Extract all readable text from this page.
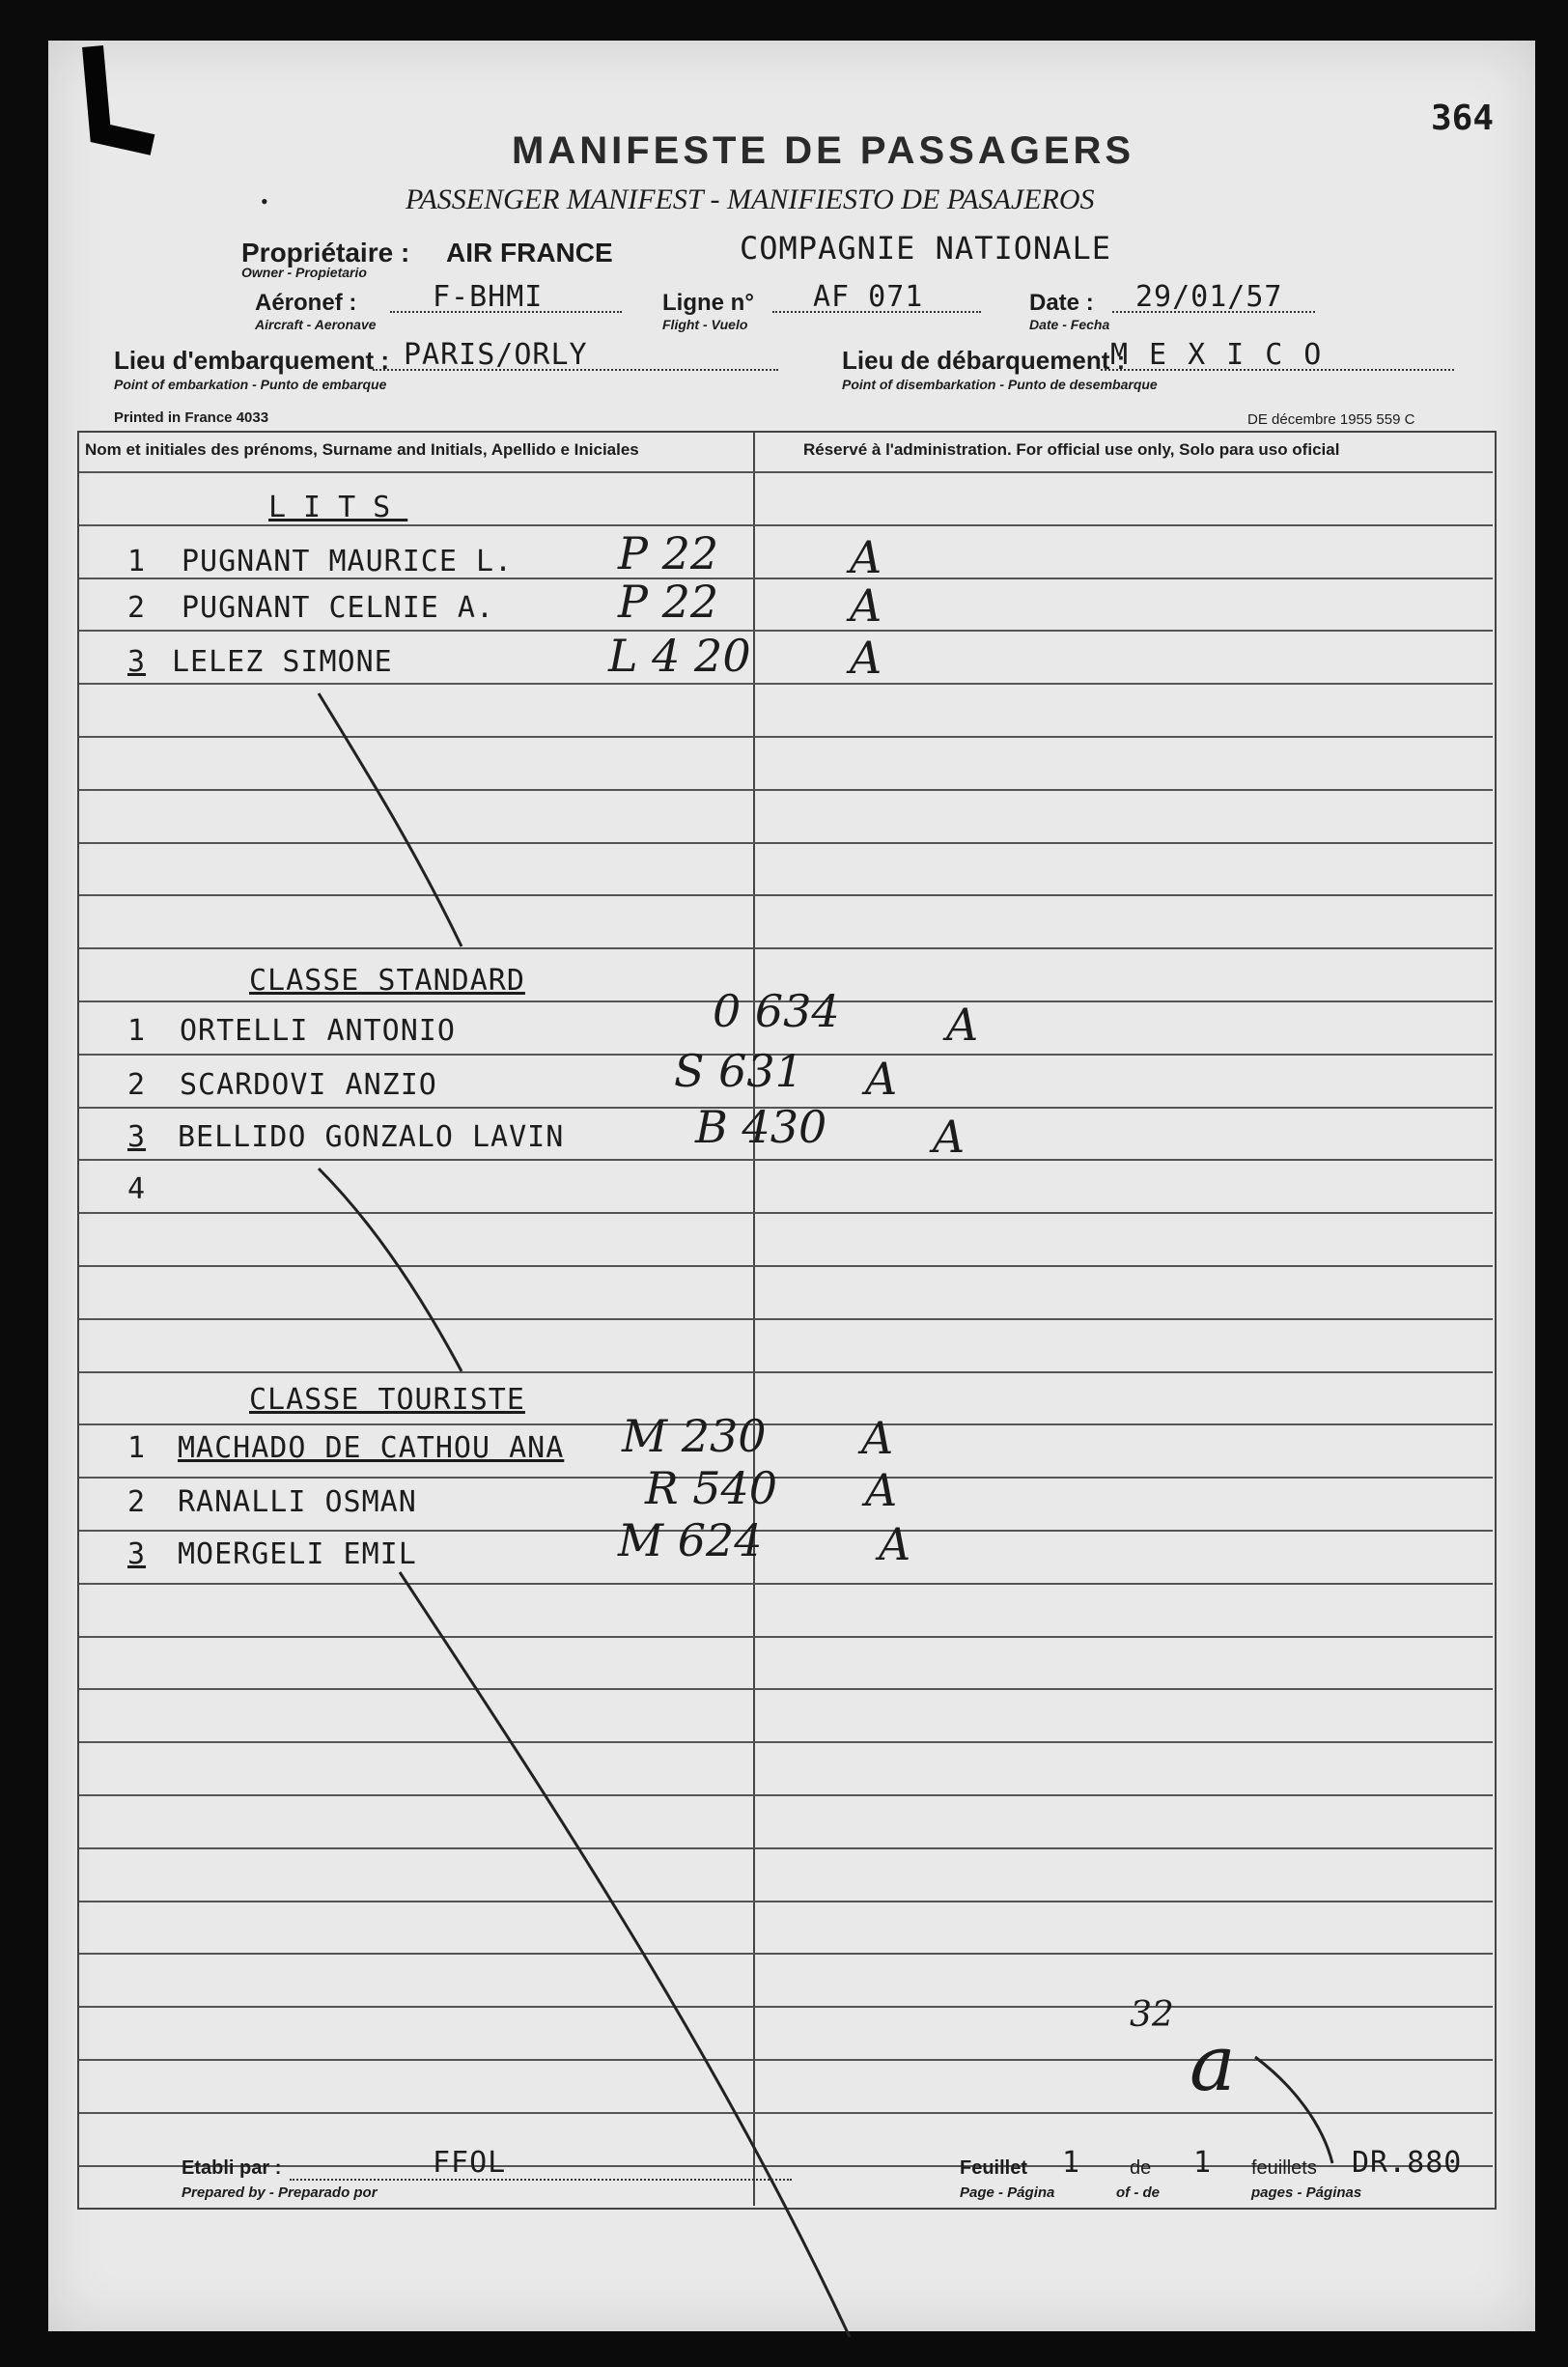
364
MANIFESTE DE PASSAGERS
PASSENGER MANIFEST - MANIFIESTO DE PASAJEROS
•
Propriétaire : AIR FRANCE
Owner - Propietario
COMPAGNIE NATIONALE
Aéronef :	F-BHMI
Aircraft - Aeronave
Ligne n° AF 071
Flight - Vuelo
Date : 29/01/57
Date - Fecha
Lieu d'embarquement : PARIS/ORLY
Point of embarkation - Punto de embarque
Lieu de débarquement :
MEXICO
Point of disembarkation - Punto de desembarque
Printed in France 4033	DE décembre 1955 559 C
Nom et initiales des prénoms, Surname and Initials, Apellido e Iniciales	Réservé à l'administration. For official use only, Solo para uso oficial
LITS
1 PUGNANT MAURICE L. P 22	A
2 PUGNANT CELNIE A.	P 22	A
3 LELEZ SIMONE	L 4 20 A
CLASSE STANDARD
1 ORTELLI ANTONIO	0 634 A
2 SCARDOVI ANZIO	S 631 A
3 BELLIDO GONZALO LAVIN	B 430 A
4
CLASSE TOURISTE
1 MACHADO DE CATHOU ANA M 230 A
2 RANALLI OSMAN	R 540 A
3 MOERGELI EMIL	M 624	A
32
a
Etabli par :	FFOL
Prepared by - Preparado por
Feuillet 1	de 1 feuillets DR.880
Page - Página	of - de	pages - Páginas
